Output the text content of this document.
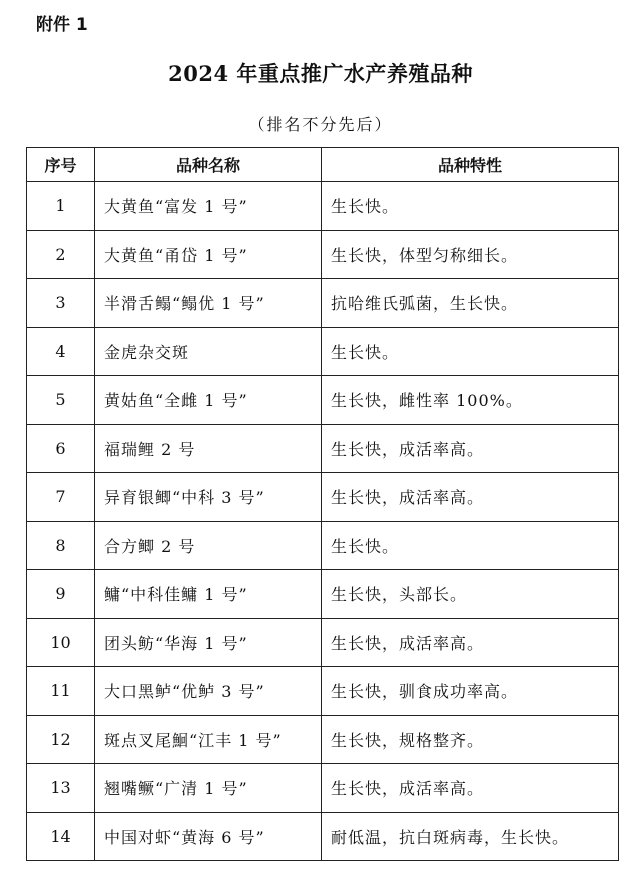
附件 1

2024 年重点推广水产养殖品种

（排名不分先后）

序号	品种名称	品种特性
1	大黄鱼“富发 1 号”	生长快。
2	大黄鱼“甬岱 1 号”	生长快，体型匀称细长。
3	半滑舌鳎“鳎优 1 号”	抗哈维氏弧菌，生长快。
4	金虎杂交斑	生长快。
5	黄姑鱼“全雌 1 号”	生长快，雌性率 100%。
6	福瑞鲤 2 号	生长快，成活率高。
7	异育银鲫“中科 3 号”	生长快，成活率高。
8	合方鲫 2 号	生长快。
9	鳙“中科佳鳙 1 号”	生长快，头部长。
10	团头鲂“华海 1 号”	生长快，成活率高。
11	大口黑鲈“优鲈 3 号”	生长快，驯食成功率高。
12	斑点叉尾鮰“江丰 1 号”	生长快，规格整齐。
13	翘嘴鳜“广清 1 号”	生长快，成活率高。
14	中国对虾“黄海 6 号”	耐低温，抗白斑病毒，生长快。
